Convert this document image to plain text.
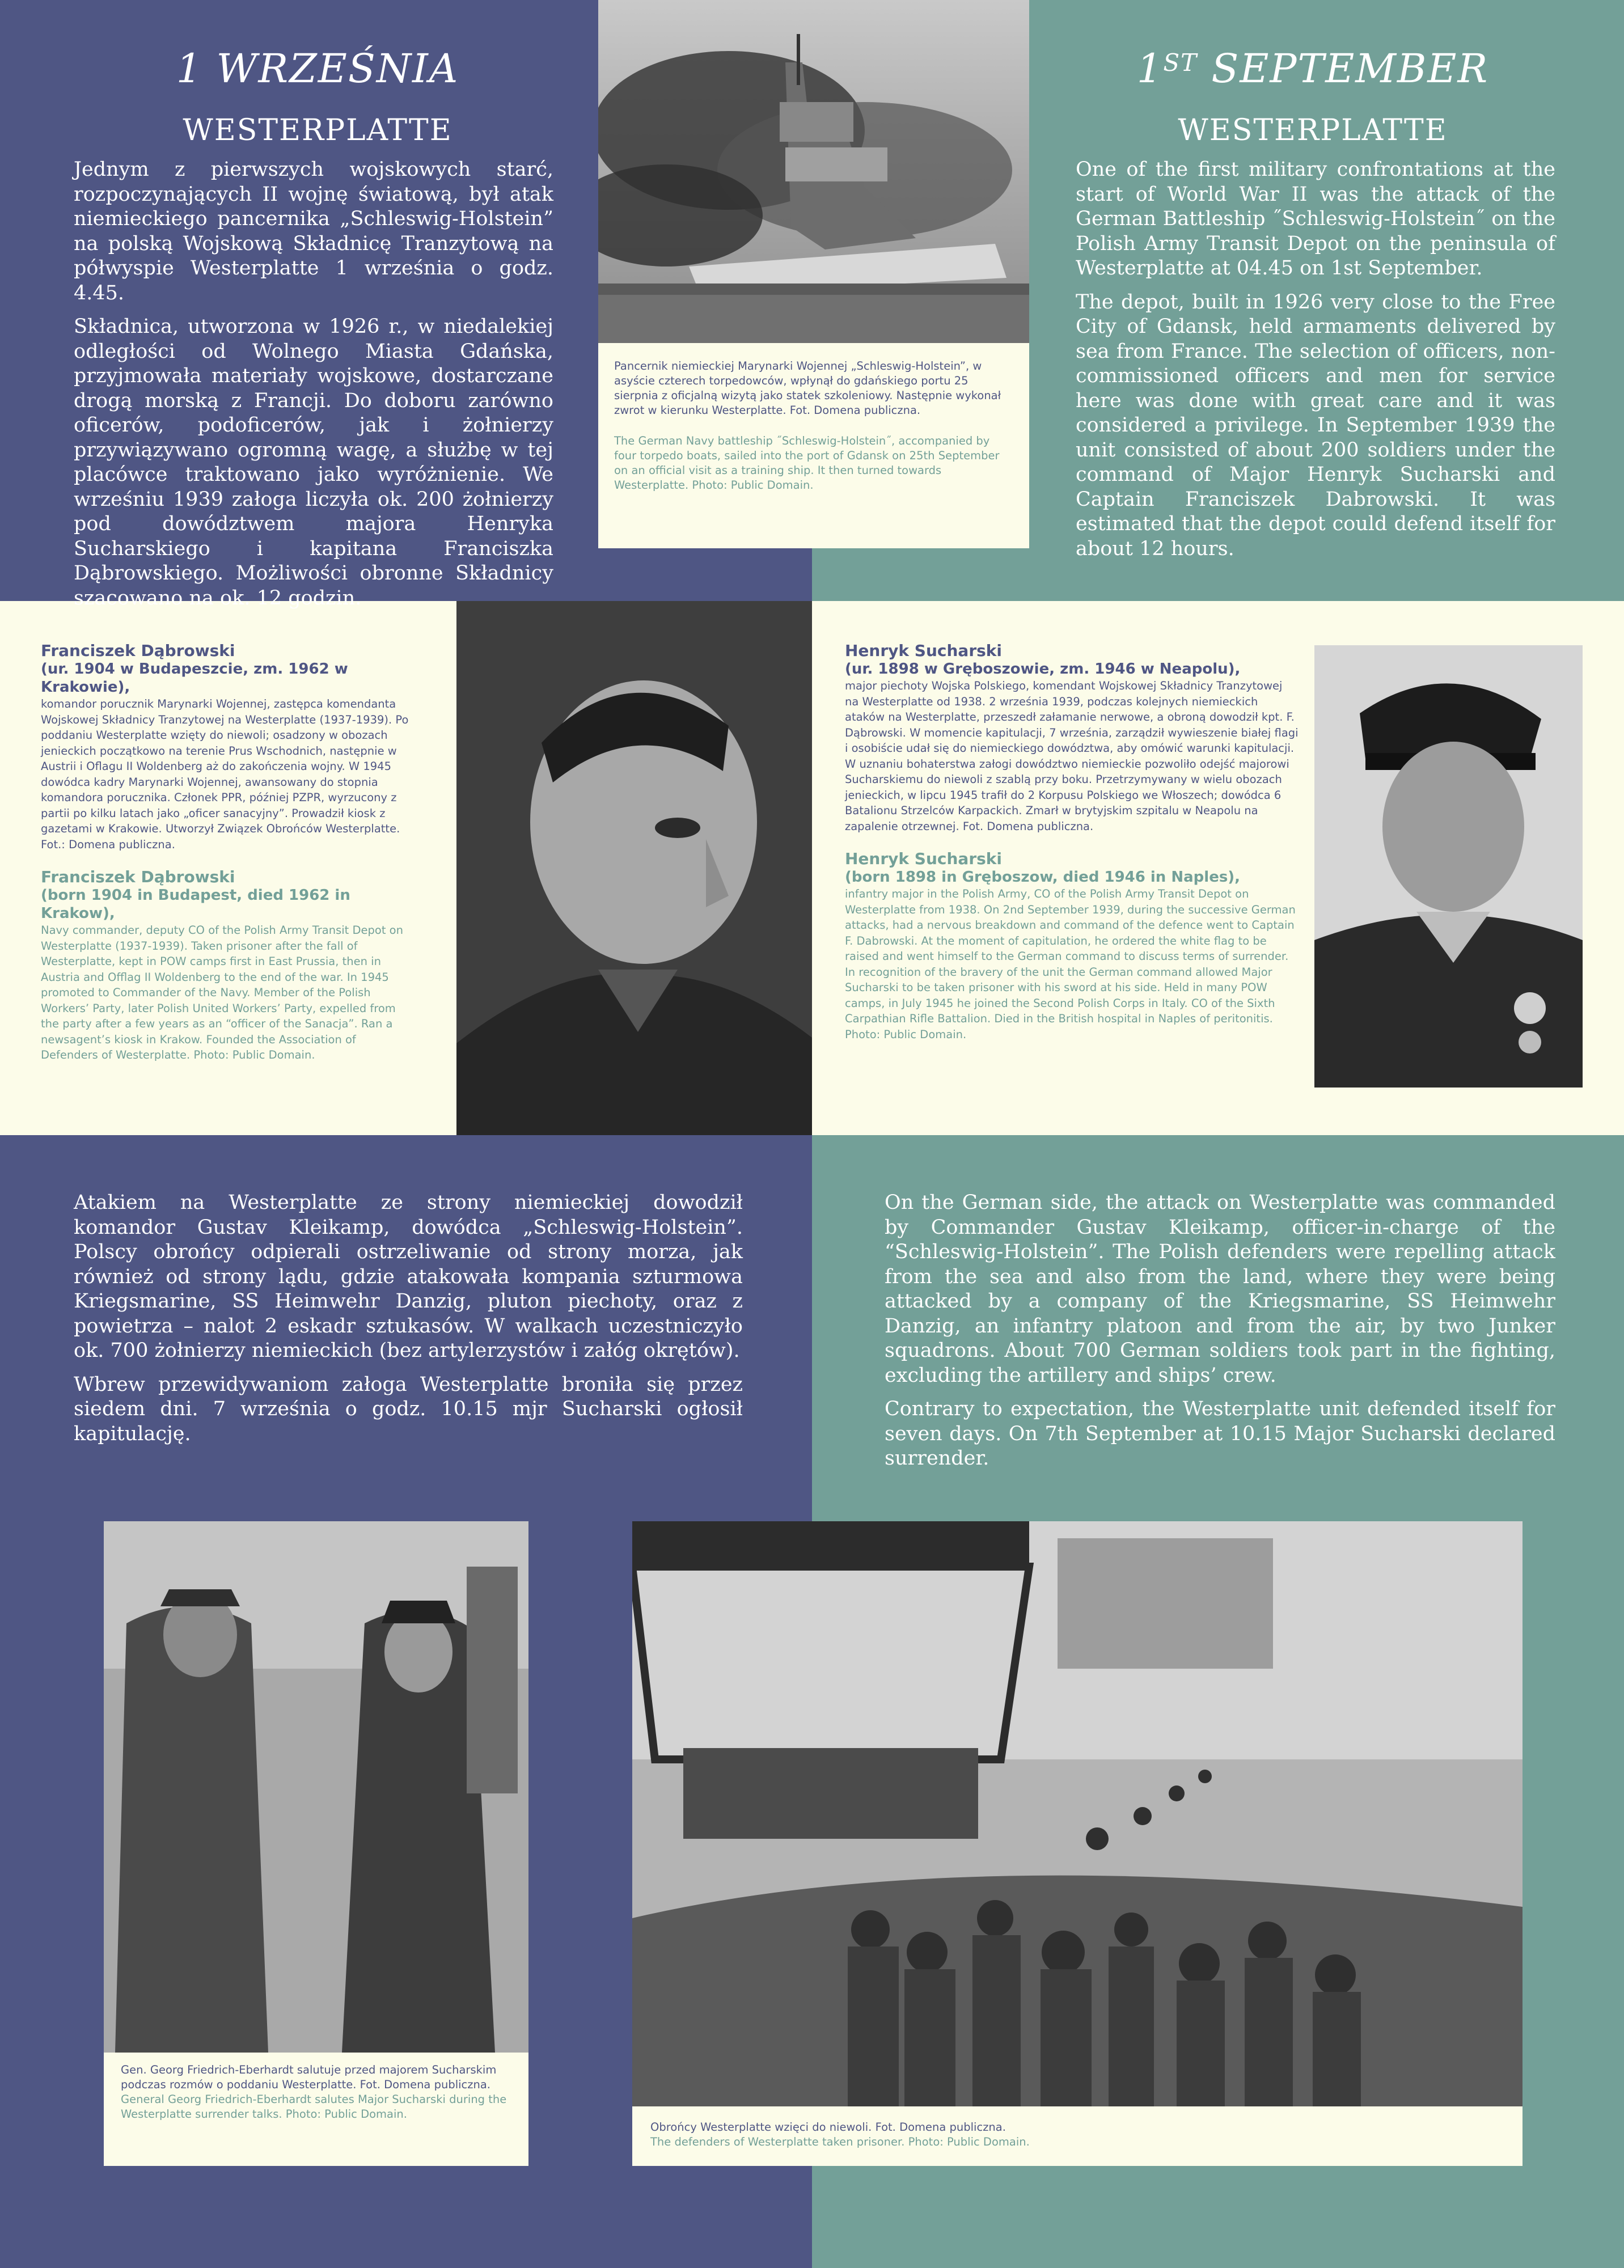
1 WRZEŚNIA
WESTERPLATTE

Jednym z pierwszych wojskowych starć, rozpoczynających II wojnę światową, był atak niemieckiego pancernika „Schleswig-Holstein” na polską Wojskową Składnicę Tranzytową na półwyspie Westerplatte 1 września o godz. 4.45.

Składnica, utworzona w 1926 r., w niedalekiej odległości od Wolnego Miasta Gdańska, przyjmowała materiały wojskowe, dostarczane drogą morską z Francji. Do doboru zarówno oficerów, podoficerów, jak i żołnierzy przywiązywano ogromną wagę, a służbę w tej placówce traktowano jako wyróżnienie. We wrześniu 1939 załoga liczyła ok. 200 żołnierzy pod dowództwem majora Henryka Sucharskiego i kapitana Franciszka Dąbrowskiego. Możliwości obronne Składnicy szacowano na ok. 12 godzin.

1ST SEPTEMBER
WESTERPLATTE

One of the first military confrontations at the start of World War II was the attack of the German Battleship ˝Schleswig-Holstein˝ on the Polish Army Transit Depot on the peninsula of Westerplatte at 04.45 on 1st September.

The depot, built in 1926 very close to the Free City of Gdansk, held armaments delivered by sea from France. The selection of officers, non-commissioned officers and men for service here was done with great care and it was considered a privilege. In September 1939 the unit consisted of about 200 soldiers under the command of Major Henryk Sucharski and Captain Franciszek Dabrowski. It was estimated that the depot could defend itself for about 12 hours.

Pancernik niemieckiej Marynarki Wojennej „Schleswig-Holstein”, w asyście czterech torpedowców, wpłynął do gdańskiego portu 25 sierpnia z oficjalną wizytą jako statek szkoleniowy. Następnie wykonał zwrot w kierunku Westerplatte. Fot. Domena publiczna.
The German Navy battleship ˝Schleswig-Holstein˝, accompanied by four torpedo boats, sailed into the port of Gdansk on 25th September on an official visit as a training ship. It then turned towards Westerplatte. Photo: Public Domain.
Franciszek Dąbrowski
(ur. 1904 w Budapeszcie, zm. 1962 w Krakowie),
komandor porucznik Marynarki Wojennej, zastępca komendanta Wojskowej Składnicy Tranzytowej na Westerplatte (1937-1939). Po poddaniu Westerplatte wzięty do niewoli; osadzony w obozach jenieckich początkowo na terenie Prus Wschodnich, następnie w Austrii i Oflagu II Woldenberg aż do zakończenia wojny. W 1945 dowódca kadry Marynarki Wojennej, awansowany do stopnia komandora porucznika. Członek PPR, później PZPR, wyrzucony z partii po kilku latach jako „oficer sanacyjny”. Prowadził kiosk z gazetami w Krakowie. Utworzył Związek Obrońców Westerplatte. Fot.: Domena publiczna.
Franciszek Dąbrowski
(born 1904 in Budapest, died 1962 in Krakow),
Navy commander, deputy CO of the Polish Army Transit Depot on Westerplatte (1937-1939). Taken prisoner after the fall of Westerplatte, kept in POW camps first in East Prussia, then in Austria and Offlag II Woldenberg to the end of the war. In 1945 promoted to Commander of the Navy. Member of the Polish Workers’ Party, later Polish United Workers’ Party, expelled from the party after a few years as an “officer of the Sanacja”. Ran a newsagent’s kiosk in Krakow. Founded the Association of Defenders of Westerplatte. Photo: Public Domain.
Henryk Sucharski
(ur. 1898 w Gręboszowie, zm. 1946 w Neapolu),
major piechoty Wojska Polskiego, komendant Wojskowej Składnicy Tranzytowej na Westerplatte od 1938. 2 września 1939, podczas kolejnych niemieckich ataków na Westerplatte, przeszedł załamanie nerwowe, a obroną dowodził kpt. F. Dąbrowski. W momencie kapitulacji, 7 września, zarządził wywieszenie białej flagi i osobiście udał się do niemieckiego dowództwa, aby omówić warunki kapitulacji. W uznaniu bohaterstwa załogi dowództwo niemieckie pozwoliło odejść majorowi Sucharskiemu do niewoli z szablą przy boku. Przetrzymywany w wielu obozach jenieckich, w lipcu 1945 trafił do 2 Korpusu Polskiego we Włoszech; dowódca 6 Batalionu Strzelców Karpackich. Zmarł w brytyjskim szpitalu w Neapolu na zapalenie otrzewnej. Fot. Domena publiczna.
Henryk Sucharski
(born 1898 in Gręboszow, died 1946 in Naples),
infantry major in the Polish Army, CO of the Polish Army Transit Depot on Westerplatte from 1938. On 2nd September 1939, during the successive German attacks, had a nervous breakdown and command of the defence went to Captain F. Dabrowski. At the moment of capitulation, he ordered the white flag to be raised and went himself to the German command to discuss terms of surrender. In recognition of the bravery of the unit the German command allowed Major Sucharski to be taken prisoner with his sword at his side. Held in many POW camps, in July 1945 he joined the Second Polish Corps in Italy. CO of the Sixth Carpathian Rifle Battalion. Died in the British hospital in Naples of peritonitis. Photo: Public Domain.

Atakiem na Westerplatte ze strony niemieckiej dowodził komandor Gustav Kleikamp, dowódca „Schleswig-Holstein”. Polscy obrońcy odpierali ostrzeliwanie od strony morza, jak również od strony lądu, gdzie atakowała kompania szturmowa Kriegsmarine, SS Heimwehr Danzig, pluton piechoty, oraz z powietrza – nalot 2 eskadr sztukasów. W walkach uczestniczyło ok. 700 żołnierzy niemieckich (bez artylerzystów i załóg okrętów).

Wbrew przewidywaniom załoga Westerplatte broniła się przez siedem dni. 7 września o godz. 10.15 mjr Sucharski ogłosił kapitulację.

On the German side, the attack on Westerplatte was commanded by Commander Gustav Kleikamp, officer-in-charge of the “Schleswig-Holstein”. The Polish defenders were repelling attack from the sea and also from the land, where they were being attacked by a company of the Kriegsmarine, SS Heimwehr Danzig, an infantry platoon and from the air, by two Junker squadrons. About 700 German soldiers took part in the fighting, excluding the artillery and ships’ crew.

Contrary to expectation, the Westerplatte unit defended itself for seven days. On 7th September at 10.15 Major Sucharski declared surrender.

Gen. Georg Friedrich-Eberhardt salutuje przed majorem Sucharskim podczas rozmów o poddaniu Westerplatte. Fot. Domena publiczna.
General Georg Friedrich-Eberhardt salutes Major Sucharski during the Westerplatte surrender talks. Photo: Public Domain.
Obrońcy Westerplatte wzięci do niewoli. Fot. Domena publiczna.
The defenders of Westerplatte taken prisoner. Photo: Public Domain.
